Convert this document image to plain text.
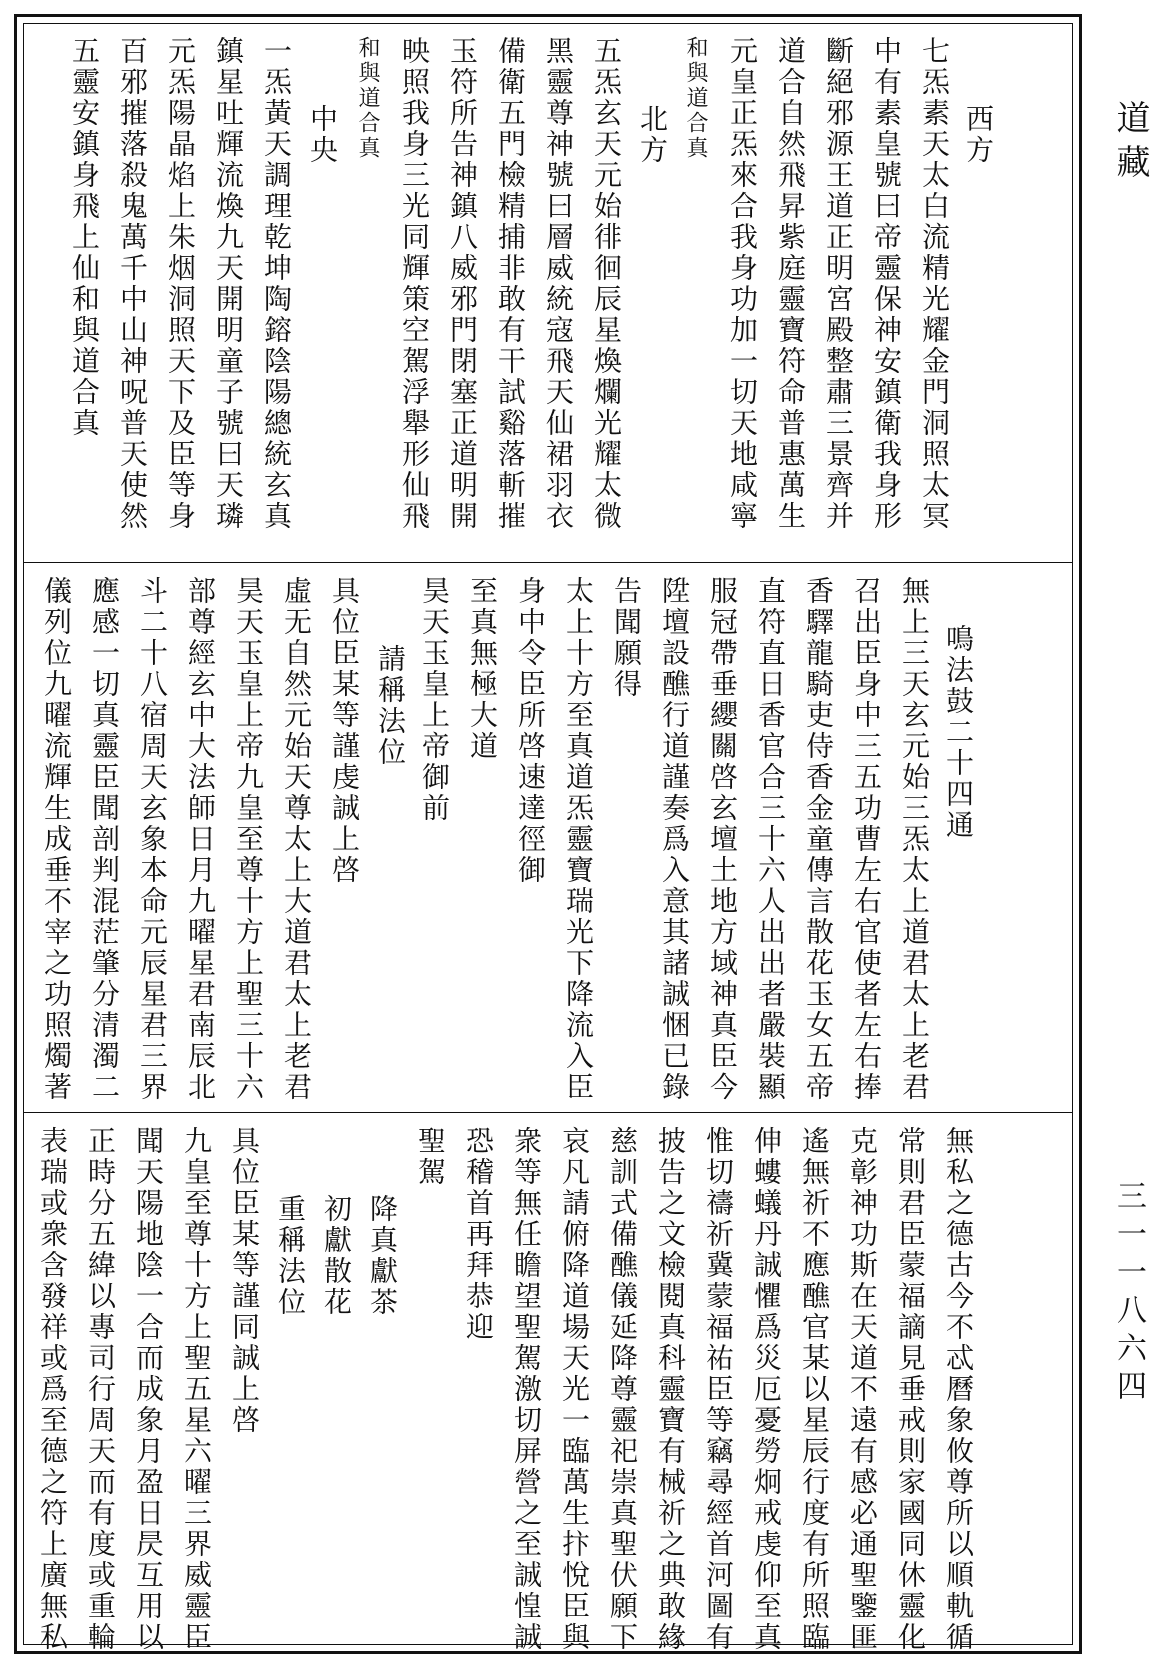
西方
七炁素天太白流精光耀金門洞照太冥
中有素皇號曰帝靈保神安鎮衛我身形
斷絕邪源王道正明宮殿整肅三景齊并
道合自然飛昇紫庭靈寶符命普惠萬生
元皇正炁來合我身功加一切天地咸寧
和與道合真
北方
五炁玄天元始徘徊辰星煥爛光耀太微
黑靈尊神號曰層威統寇飛天仙裙羽衣
備衛五門檢精捕非敢有干試谿落斬摧
玉符所告神鎮八威邪門閉塞正道明開
映照我身三光同輝策空駕浮舉形仙飛
和與道合真
中央
一炁黃天調理乾坤陶鎔陰陽總統玄真
鎮星吐輝流煥九天開明童子號曰天璘
元炁陽晶焰上朱烟洞照天下及臣等身
百邪摧落殺鬼萬千中山神呪普天使然
五靈安鎮身飛上仙和與道合真
鳴法鼓二十四通
無上三天玄元始三炁太上道君太上老君
召出臣身中三五功曹左右官使者左右捧
香驛龍騎吏侍香金童傳言散花玉女五帝
直符直日香官合三十六人出出者嚴裝顯
服冠帶垂纓關啓玄壇土地方域神真臣今
陞壇設醮行道謹奏爲入意其諸誠悃已錄
告聞願得
太上十方至真道炁靈寶瑞光下降流入臣
身中令臣所啓速達徑御
至真無極大道
昊天玉皇上帝御前
請稱法位
具位臣某等謹虔誠上啓
虛无自然元始天尊太上大道君太上老君
昊天玉皇上帝九皇至尊十方上聖三十六
部尊經玄中大法師日月九曜星君南辰北
斗二十八宿周天玄象本命元辰星君三界
應感一切真靈臣聞剖判混茫肇分清濁二
儀列位九曜流輝生成垂不宰之功照燭著
無私之德古今不忒曆象攸尊所以順軌循
常則君臣蒙福謫見垂戒則家國同休靈化
克彰神功斯在天道不遠有感必通聖鑒匪
遙無祈不應醮官某以星辰行度有所照臨
伸螻蟻丹誠懼爲災厄憂勞炯戒虔仰至真
惟切禱祈冀蒙福祐臣等竊尋經首河圖有
披告之文檢閱真科靈寶有械祈之典敢緣
慈訓式備醮儀延降尊靈祀崇真聖伏願下
哀凡請俯降道場天光一臨萬生抃悅臣與
衆等無任瞻望聖駕激切屏營之至誠惶誠
恐稽首再拜恭迎
聖駕
降真獻茶
初獻散花
重稱法位
具位臣某等謹同誠上啓
九皇至尊十方上聖五星六曜三界威靈臣
聞天陽地陰一合而成象月盈日昃互用以
正時分五緯以專司行周天而有度或重輪
表瑞或衆含發祥或爲至德之符上廣無私
道藏
三一一八六四
